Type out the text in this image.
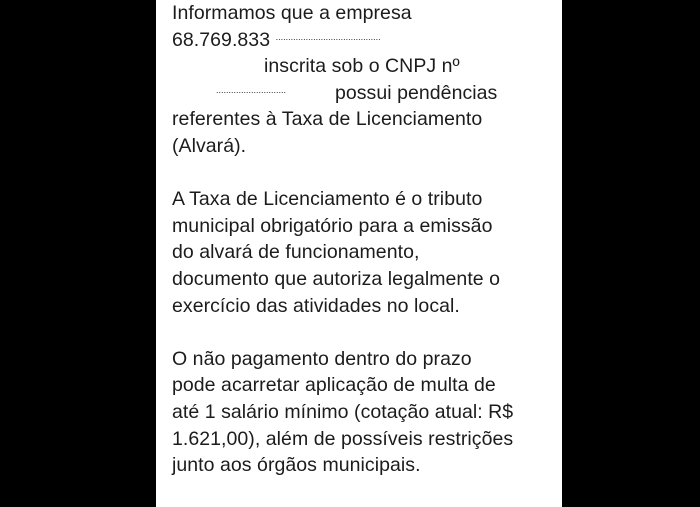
Informamos que a empresa
68.769.833 ..........................................
inscrita sob o CNPJ nº
............................	possui pendências
referentes à Taxa de Licenciamento
(Alvará).
A Taxa de Licenciamento é o tributo
municipal obrigatório para a emissão
do alvará de funcionamento,
documento que autoriza legalmente o
exercício das atividades no local.
O não pagamento dentro do prazo
pode acarretar aplicação de multa de
até 1 salário mínimo (cotação atual: R$
1.621,00), além de possíveis restrições
junto aos órgãos municipais.
